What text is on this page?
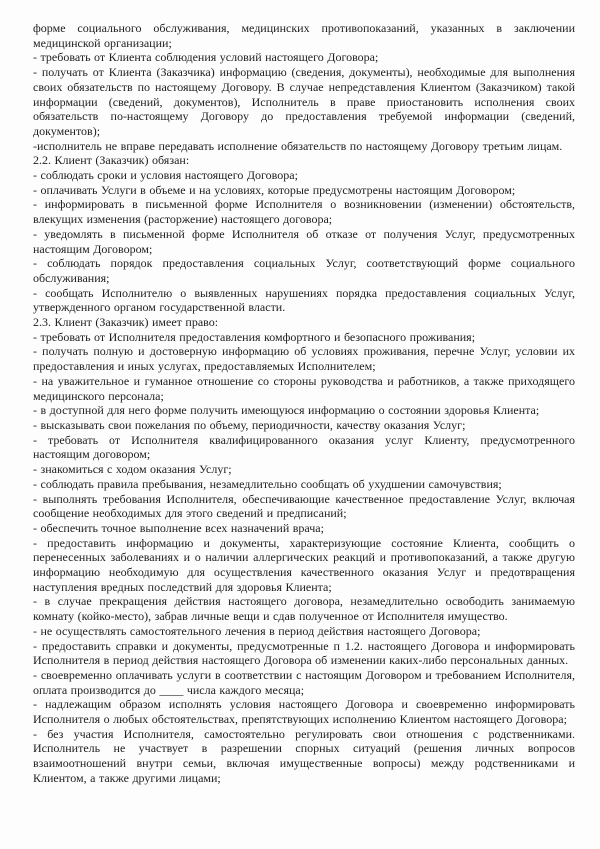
форме социального обслуживания, медицинских противопоказаний, указанных в заключении медицинской организации;

- требовать от Клиента соблюдения условий настоящего Договора;

- получать от Клиента (Заказчика) информацию (сведения, документы), необходимые для выполнения своих обязательств по настоящему Договору. В случае непредставления Клиентом (Заказчиком) такой информации (сведений, документов), Исполнитель в праве приостановить исполнения своих обязательств по-настоящему Договору до предоставления требуемой информации (сведений, документов);

-исполнитель не вправе передавать исполнение обязательств по настоящему Договору третьим лицам.

2.2. Клиент (Заказчик) обязан:

- соблюдать сроки и условия настоящего Договора;

- оплачивать Услуги в объеме и на условиях, которые предусмотрены настоящим Договором;

- информировать в письменной форме Исполнителя о возникновении (изменении) обстоятельств, влекущих изменения (расторжение) настоящего договора;

- уведомлять в письменной форме Исполнителя об отказе от получения Услуг, предусмотренных настоящим Договором;

- соблюдать порядок предоставления социальных Услуг, соответствующий форме социального обслуживания;

- сообщать Исполнителю о выявленных нарушениях порядка предоставления социальных Услуг, утвержденного органом государственной власти.

2.3. Клиент (Заказчик) имеет право:

- требовать от Исполнителя предоставления комфортного и безопасного проживания;

- получать полную и достоверную информацию об условиях проживания, перечне Услуг, условии их предоставления и иных услугах, предоставляемых Исполнителем;

- на уважительное и гуманное отношение со стороны руководства и работников, а также приходящего медицинского персонала;

- в доступной для него форме получить имеющуюся информацию о состоянии здоровья Клиента;

- высказывать свои пожелания по объему, периодичности, качеству оказания Услуг;

- требовать от Исполнителя квалифицированного оказания услуг Клиенту, предусмотренного настоящим договором;

- знакомиться с ходом оказания Услуг;

- соблюдать правила пребывания, незамедлительно сообщать об ухудшении самочувствия;

- выполнять требования Исполнителя, обеспечивающие качественное предоставление Услуг, включая сообщение необходимых для этого сведений и предписаний;

- обеспечить точное выполнение всех назначений врача;

- предоставить информацию и документы, характеризующие состояние Клиента, сообщить о перенесенных заболеваниях и о наличии аллергических реакций и противопоказаний, а также другую информацию необходимую для осуществления качественного оказания Услуг и предотвращения наступления вредных последствий для здоровья Клиента;

- в случае прекращения действия настоящего договора, незамедлительно освободить занимаемую комнату (койко-место), забрав личные вещи и сдав полученное от Исполнителя имущество.

- не осуществлять самостоятельного лечения в период действия настоящего Договора;

- предоставить справки и документы, предусмотренные п 1.2. настоящего Договора и информировать Исполнителя в период действия настоящего Договора об изменении каких-либо персональных данных.

- своевременно оплачивать услуги в соответствии с настоящим Договором и требованием Исполнителя, оплата производится до ____ числа каждого месяца;

- надлежащим образом исполнять условия настоящего Договора и своевременно информировать Исполнителя о любых обстоятельствах, препятствующих исполнению Клиентом настоящего Договора;

- без участия Исполнителя, самостоятельно регулировать свои отношения с родственниками. Исполнитель не участвует в разрешении спорных ситуаций (решения личных вопросов взаимоотношений внутри семьи, включая имущественные вопросы) между родственниками и Клиентом, а также другими лицами;
